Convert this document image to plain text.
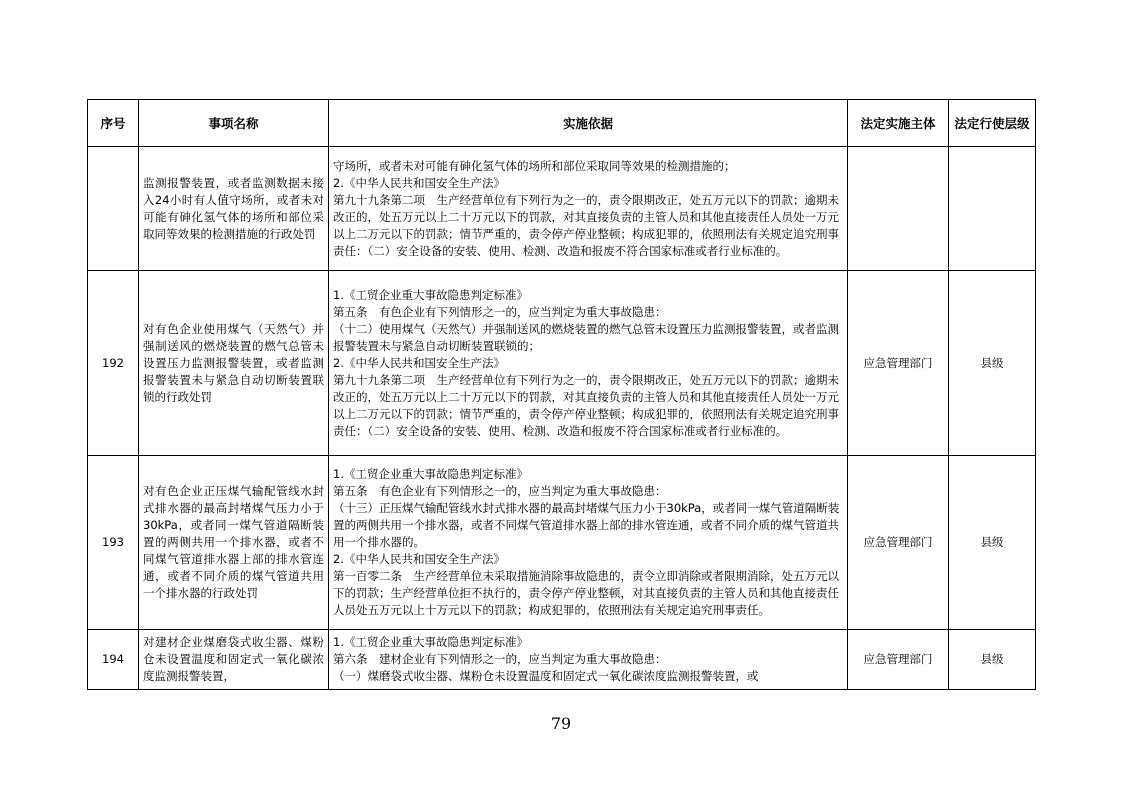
序号	事项名称	实施依据	法定实施主体	法定行使层级
	监测报警装置，或者监测数据未接入24小时有人值守场所，或者未对可能有砷化氢气体的场所和部位采取同等效果的检测措施的行政处罚	守场所，或者未对可能有砷化氢气体的场所和部位采取同等效果的检测措施的；
2.《中华人民共和国安全生产法》
第九十九条第二项　生产经营单位有下列行为之一的，责令限期改正，处五万元以下的罚款；逾期未改正的，处五万元以上二十万元以下的罚款，对其直接负责的主管人员和其他直接责任人员处一万元以上二万元以下的罚款；情节严重的，责令停产停业整顿；构成犯罪的，依照刑法有关规定追究刑事责任：（二）安全设备的安装、使用、检测、改造和报废不符合国家标准或者行业标准的。		

192	对有色企业使用煤气（天然气）并强制送风的燃烧装置的燃气总管未设置压力监测报警装置，或者监测报警装置未与紧急自动切断装置联锁的行政处罚	1.《工贸企业重大事故隐患判定标准》
第五条　有色企业有下列情形之一的，应当判定为重大事故隐患：
（十二）使用煤气（天然气）并强制送风的燃烧装置的燃气总管未设置压力监测报警装置，或者监测报警装置未与紧急自动切断装置联锁的；
2.《中华人民共和国安全生产法》
第九十九条第二项　生产经营单位有下列行为之一的，责令限期改正，处五万元以下的罚款；逾期未改正的，处五万元以上二十万元以下的罚款，对其直接负责的主管人员和其他直接责任人员处一万元以上二万元以下的罚款；情节严重的，责令停产停业整顿；构成犯罪的，依照刑法有关规定追究刑事责任：（二）安全设备的安装、使用、检测、改造和报废不符合国家标准或者行业标准的。	应急管理部门	县级
193	对有色企业正压煤气输配管线水封式排水器的最高封堵煤气压力小于30kPa，或者同一煤气管道隔断装置的两侧共用一个排水器，或者不同煤气管道排水器上部的排水管连通，或者不同介质的煤气管道共用一个排水器的行政处罚	1.《工贸企业重大事故隐患判定标准》
第五条　有色企业有下列情形之一的，应当判定为重大事故隐患：
（十三）正压煤气输配管线水封式排水器的最高封堵煤气压力小于30kPa，或者同一煤气管道隔断装置的两侧共用一个排水器，或者不同煤气管道排水器上部的排水管连通，或者不同介质的煤气管道共用一个排水器的。
2.《中华人民共和国安全生产法》
第一百零二条　生产经营单位未采取措施消除事故隐患的，责令立即消除或者限期消除，处五万元以下的罚款；生产经营单位拒不执行的，责令停产停业整顿，对其直接负责的主管人员和其他直接责任人员处五万元以上十万元以下的罚款；构成犯罪的，依照刑法有关规定追究刑事责任。	应急管理部门	县级
194	对建材企业煤磨袋式收尘器、煤粉仓未设置温度和固定式一氧化碳浓度监测报警装置，	1.《工贸企业重大事故隐患判定标准》
第六条　建材企业有下列情形之一的，应当判定为重大事故隐患：
（一）煤磨袋式收尘器、煤粉仓未设置温度和固定式一氧化碳浓度监测报警装置，或	应急管理部门	县级
79
